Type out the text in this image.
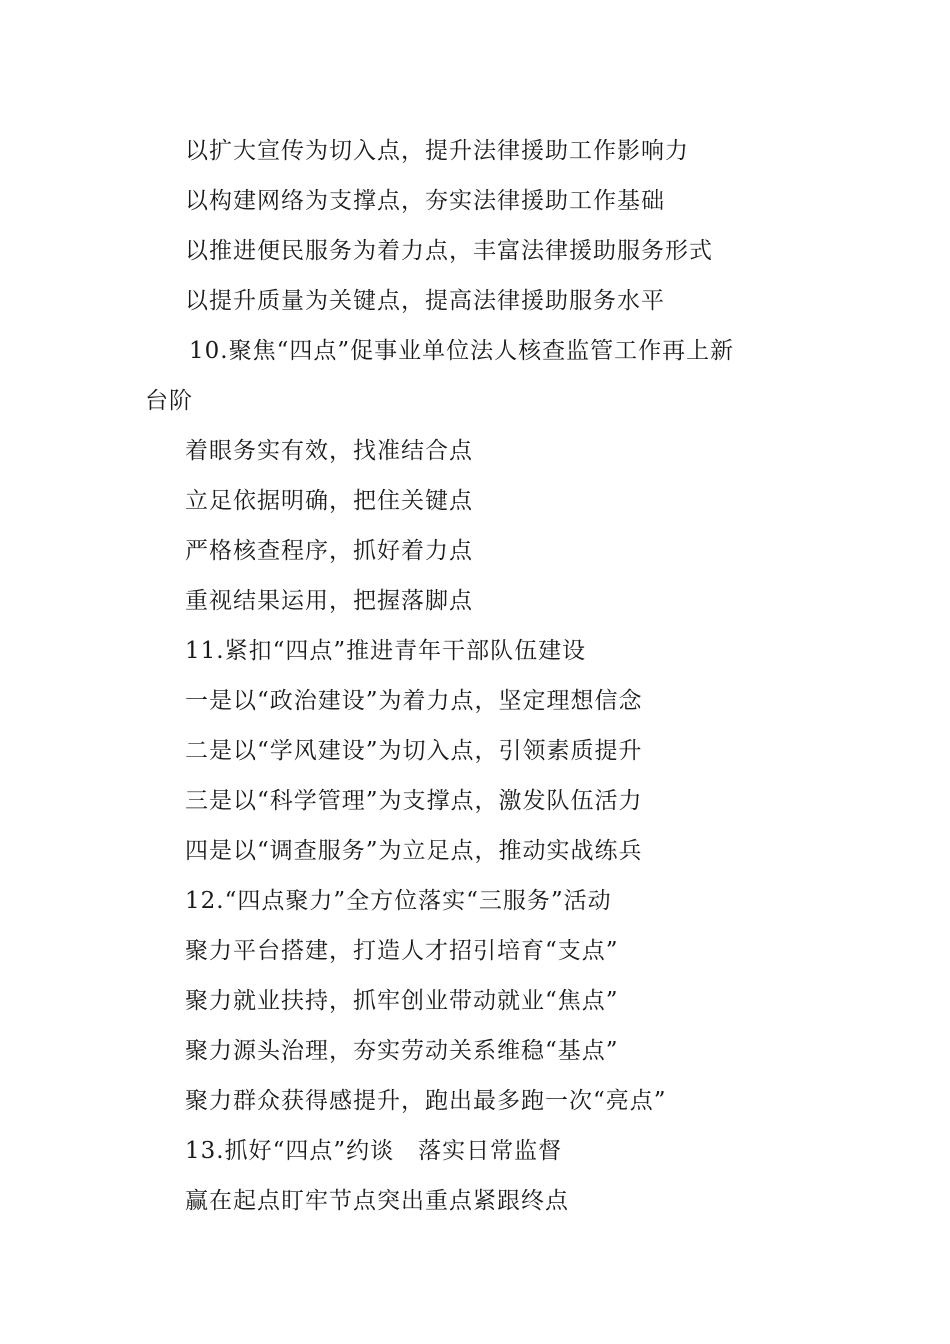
以扩大宣传为切入点，提升法律援助工作影响力
以构建网络为支撑点，夯实法律援助工作基础
以推进便民服务为着力点，丰富法律援助服务形式
以提升质量为关键点，提高法律援助服务水平
10.聚焦“四点”促事业单位法人核查监管工作再上新
台阶
着眼务实有效，找准结合点
立足依据明确，把住关键点
严格核查程序，抓好着力点
重视结果运用，把握落脚点
11.紧扣“四点”推进青年干部队伍建设
一是以“政治建设”为着力点，坚定理想信念
二是以“学风建设”为切入点，引领素质提升
三是以“科学管理”为支撑点，激发队伍活力
四是以“调查服务”为立足点，推动实战练兵
12.“四点聚力”全方位落实“三服务”活动
聚力平台搭建，打造人才招引培育“支点”
聚力就业扶持，抓牢创业带动就业“焦点”
聚力源头治理，夯实劳动关系维稳“基点”
聚力群众获得感提升，跑出最多跑一次“亮点”
13.抓好“四点”约谈　落实日常监督
赢在起点盯牢节点突出重点紧跟终点
